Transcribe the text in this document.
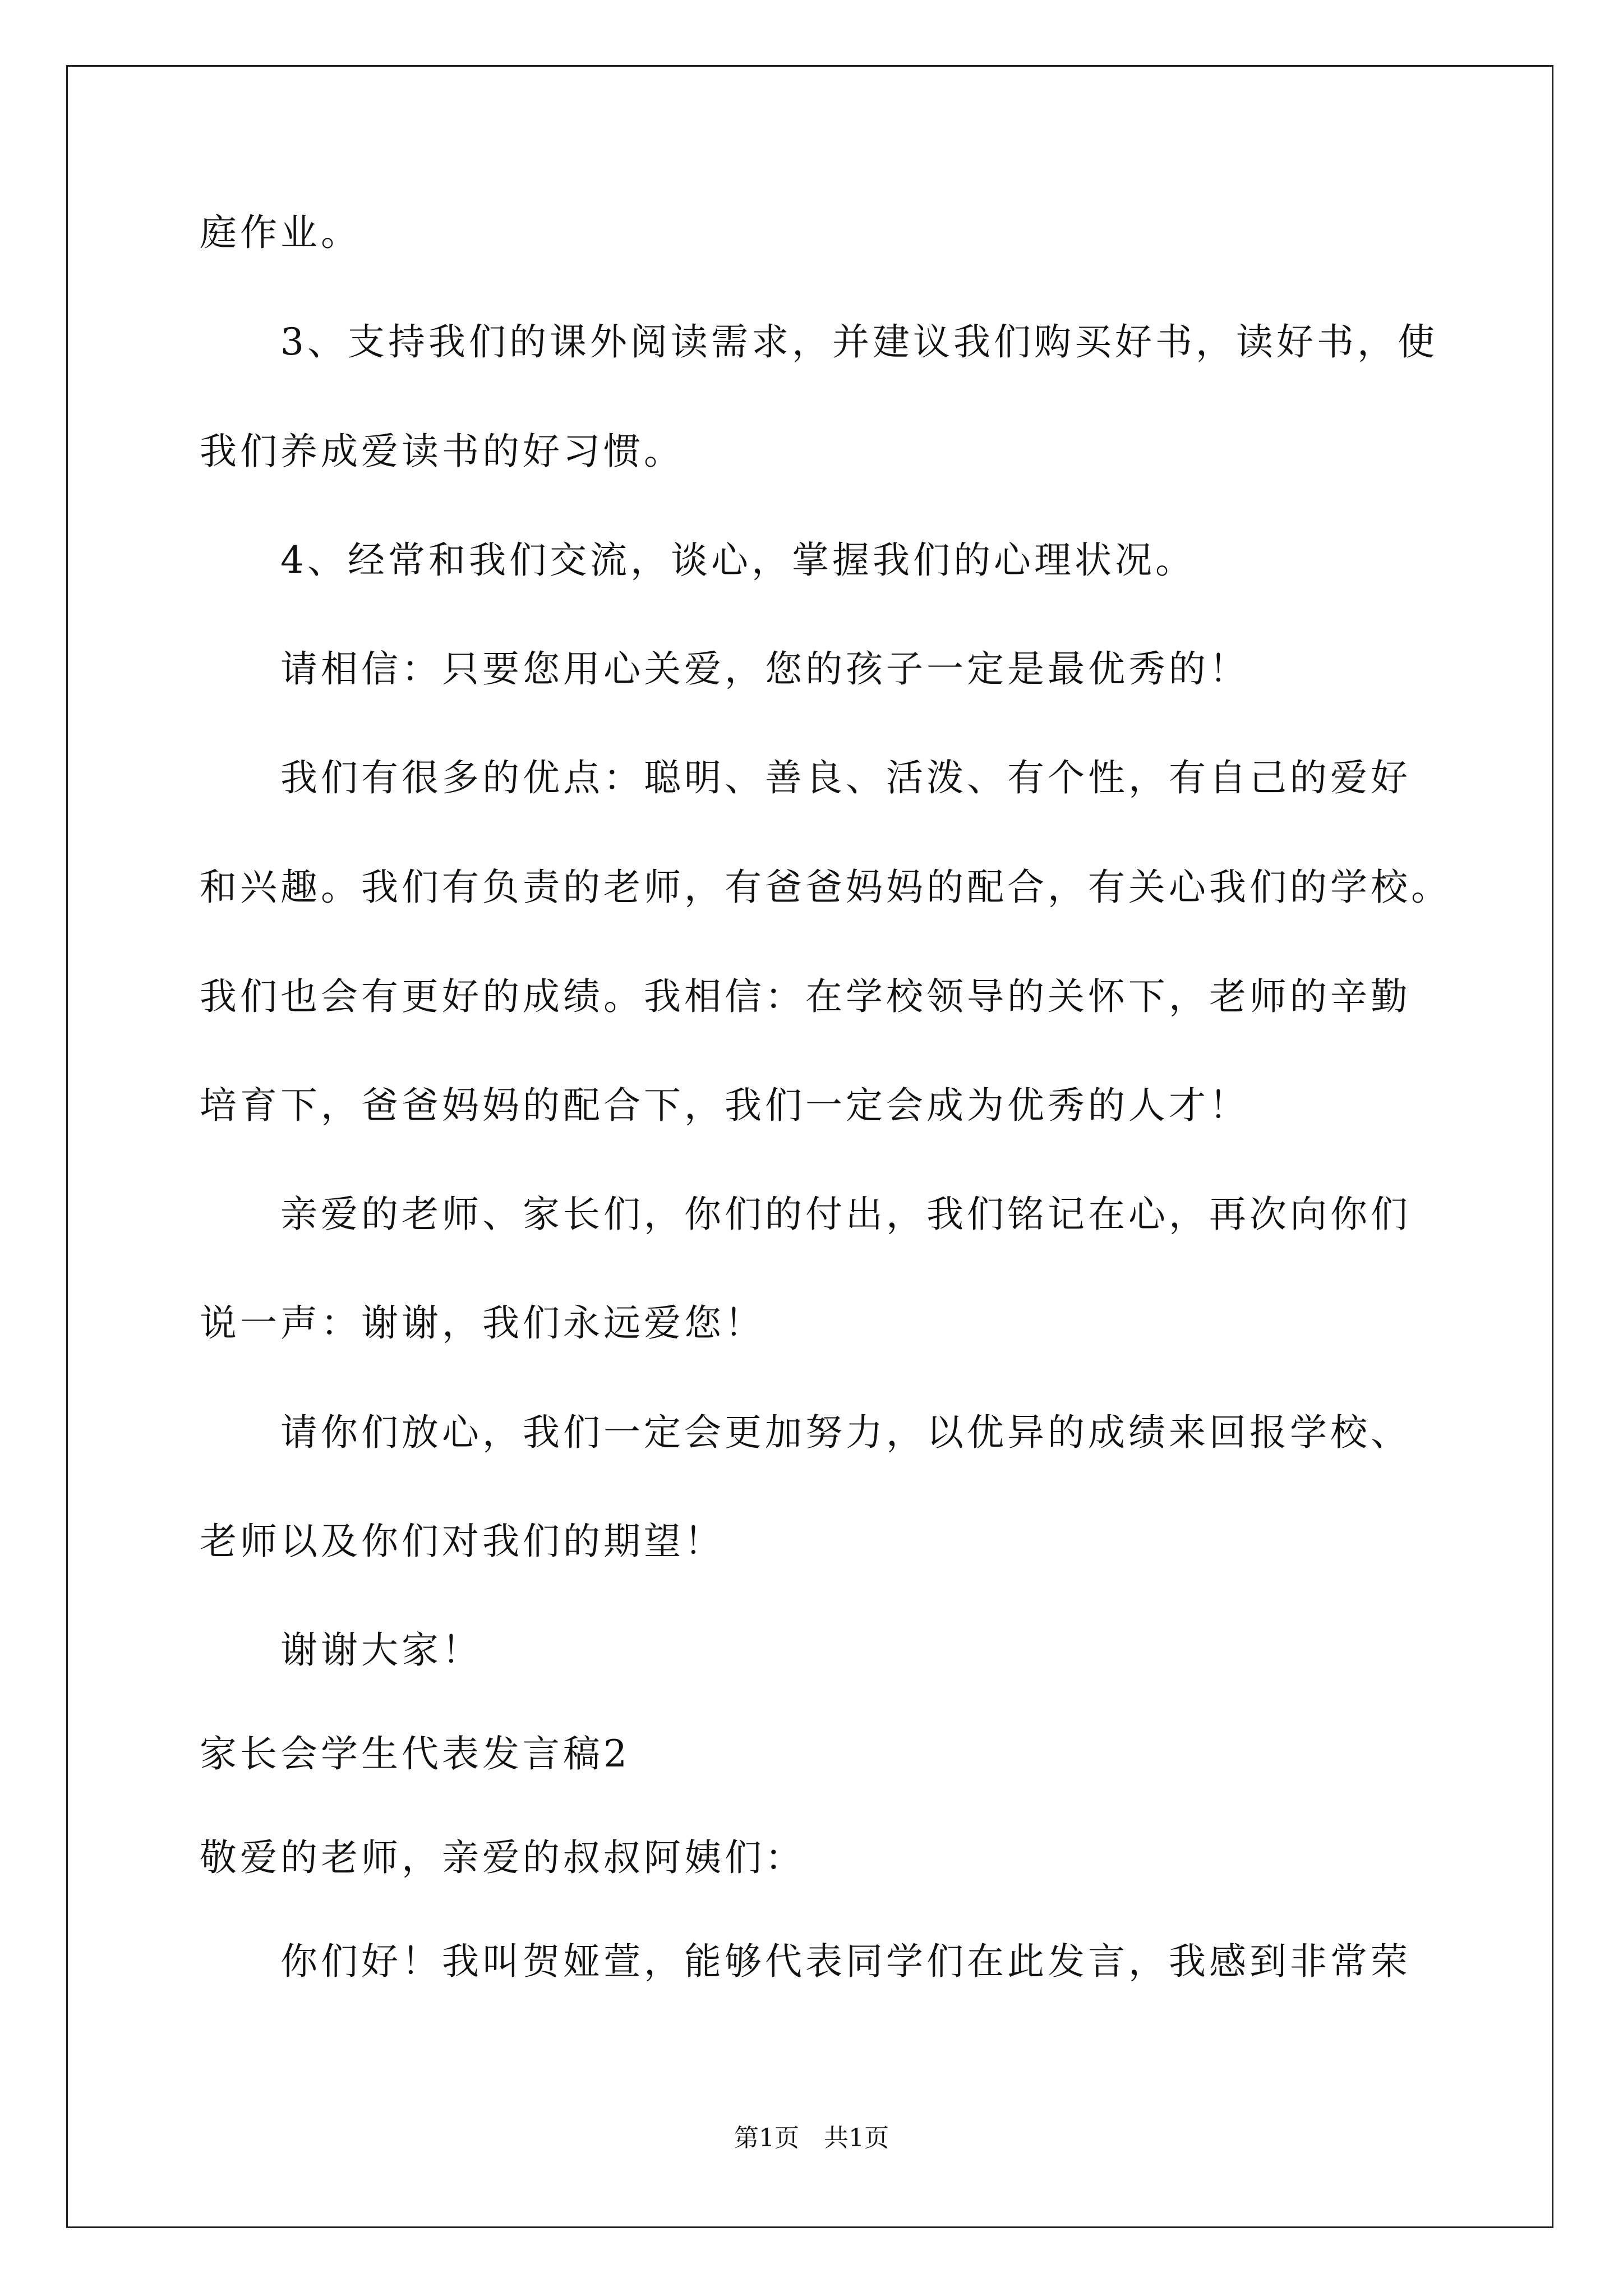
庭作业。

　　3、支持我们的课外阅读需求，并建议我们购买好书，读好书，使

我们养成爱读书的好习惯。

　　4、经常和我们交流，谈心，掌握我们的心理状况。

　　请相信：只要您用心关爱，您的孩子一定是最优秀的！

　　我们有很多的优点：聪明、善良、活泼、有个性，有自己的爱好

和兴趣。我们有负责的老师，有爸爸妈妈的配合，有关心我们的学校。

我们也会有更好的成绩。我相信：在学校领导的关怀下，老师的辛勤

培育下，爸爸妈妈的配合下，我们一定会成为优秀的人才！

　　亲爱的老师、家长们，你们的付出，我们铭记在心，再次向你们

说一声：谢谢，我们永远爱您！

　　请你们放心，我们一定会更加努力，以优异的成绩来回报学校、

老师以及你们对我们的期望！

　　谢谢大家！

家长会学生代表发言稿2

敬爱的老师，亲爱的叔叔阿姨们：

　　你们好！我叫贺娅萱，能够代表同学们在此发言，我感到非常荣

第1页　共1页
